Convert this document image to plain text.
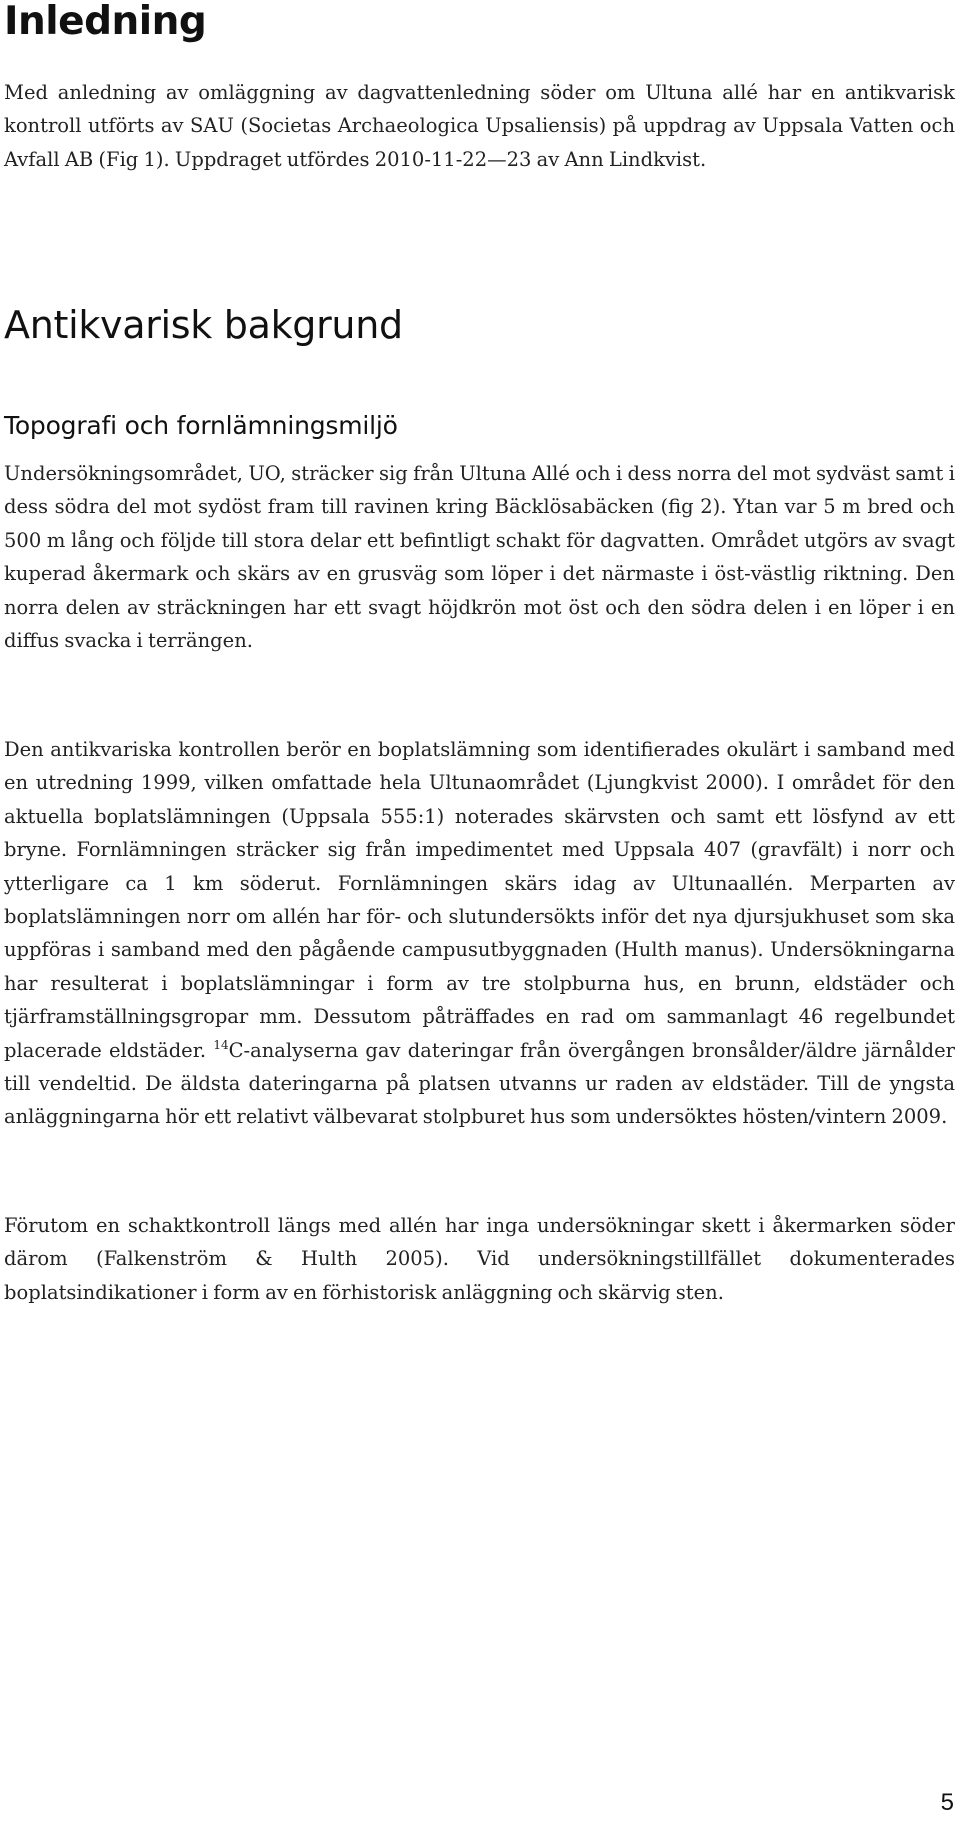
Inledning

Med anledning av omläggning av dagvattenledning söder om Ultuna allé har en antikvarisk kontroll utförts av SAU (Societas Archaeologica Upsaliensis) på uppdrag av Uppsala Vatten och Avfall AB (Fig 1). Uppdraget utfördes 2010-11-22—23 av Ann Lindkvist.

Antikvarisk bakgrund
Topografi och fornlämningsmiljö

Undersökningsområdet, UO, sträcker sig från Ultuna Allé och i dess norra del mot sydväst samt i dess södra del mot sydöst fram till ravinen kring Bäcklösabäcken (fig 2). Ytan var 5 m bred och 500 m lång och följde till stora delar ett befintligt schakt för dagvatten. Området utgörs av svagt kuperad åkermark och skärs av en grusväg som löper i det närmaste i öst-västlig riktning. Den norra delen av sträckningen har ett svagt höjdkrön mot öst och den södra delen i en löper i en diffus svacka i terrängen.

Den antikvariska kontrollen berör en boplatslämning som identifierades okulärt i samband med en utredning 1999, vilken omfattade hela Ultunaområdet (Ljungkvist 2000). I området för den aktuella boplatslämningen (Uppsala 555:1) noterades skärvsten och samt ett lösfynd av ett bryne. Fornlämningen sträcker sig från impedimentet med Uppsala 407 (gravfält) i norr och ytterligare ca 1 km söderut. Fornlämningen skärs idag av Ultunaallén. Merparten av boplatslämningen norr om allén har för- och slutundersökts inför det nya djursjukhuset som ska uppföras i samband med den pågående campusutbyggnaden (Hulth manus). Undersökningarna har resulterat i boplatslämningar i form av tre stolpburna hus, en brunn, eldstäder och tjärframställningsgropar mm. Dessutom påträffades en rad om sammanlagt 46 regelbundet placerade eldstäder. $^{14}$C-analyserna gav dateringar från övergången bronsålder/äldre järnålder till vendeltid. De äldsta dateringarna på platsen utvanns ur raden av eldstäder. Till de yngsta anläggningarna hör ett relativt välbevarat stolpburet hus som undersöktes hösten/vintern 2009.

Förutom en schaktkontroll längs med allén har inga undersökningar skett i åkermarken söder därom (Falkenström & Hulth 2005). Vid undersökningstillfället dokumenterades boplatsindikationer i form av en förhistorisk anläggning och skärvig sten.

5
